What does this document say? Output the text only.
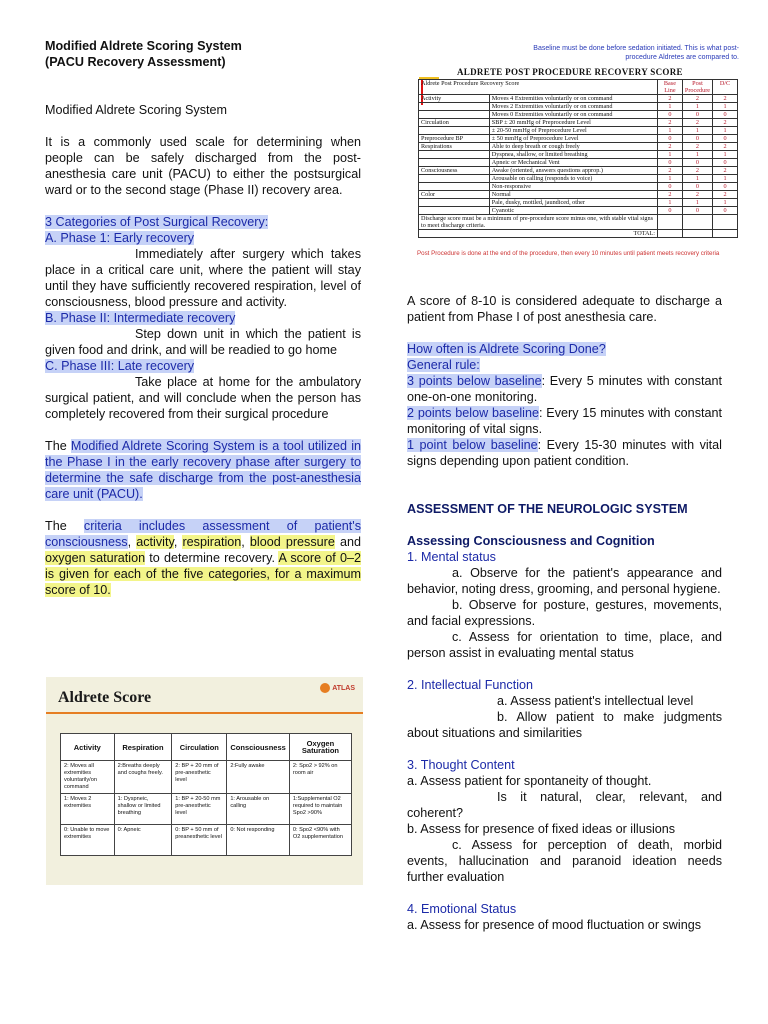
Modified Aldrete Scoring System

(PACU Recovery Assessment)

Modified Aldrete Scoring System

It is a commonly used scale for determining when people can be safely discharged from the post-anesthesia care unit (PACU) to either the postsurgical ward or to the second stage (Phase II) recovery area.

3 Categories of Post Surgical Recovery:

A. Phase 1: Early recovery

Immediately after surgery which takes place in a critical care unit, where the patient will stay until they have sufficiently recovered respiration, level of consciousness, blood pressure and activity.

B. Phase II: Intermediate recovery

Step down unit in which the patient is given food and drink, and will be readied to go home

C. Phase III: Late recovery

Take place at home for the ambulatory surgical patient, and will conclude when the person has completely recovered from their surgical procedure

The Modified Aldrete Scoring System is a tool utilized in the Phase I in the early recovery phase after surgery to determine the safe discharge from the post-anesthesia care unit (PACU).

The criteria includes assessment of patient's consciousness, activity, respiration, blood pressure and oxygen saturation to determine recovery. A score of 0–2 is given for each of the five categories, for a maximum score of 10.

Baseline must be done before sedation initiated. This is what post-procedure Aldretes are compared to.
ALDRETE POST PROCEDURE RECOVERY SCORE
Aldrete Post Procedure Recovery Score		Base Line	Post Procedure	D/C
Activity	Moves 4 Extremities voluntarily or on command	2	2	2
	Moves 2 Extremities voluntarily or on command	1	1	1
	Moves 0 Extremities voluntarily or on command	0	0	0
Circulation	SBP ± 20 mmHg of Preprocedure Level	2	2	2
	± 20-50 mmHg of Preprocedure Level	1	1	1
Preprocedure BP	± 50 mmHg of Preprocedure Level	0	0	0
Respirations	Able to deep breath or cough freely	2	2	2
	Dyspnea, shallow, or limited breathing	1	1	1
	Apneic or Mechanical Vent	0	0	0
Consciousness	Awake (oriented, answers questions approp.)	2	2	2
	Arousable on calling (responds to voice)	1	1	1
	Non-responsive	0	0	0
Color	Normal	2	2	2
	Pale, dusky, mottled, jaundiced, other	1	1	1
	Cyanotic	0	0	0
Discharge score must be a minimum of pre-procedure score minus one, with stable vital signs to meet discharge criteria.				
TOTAL:				
Post Procedure is done at the end of the procedure, then every 10 minutes until patient meets recovery criteria
Aldrete Score
ATLAS
Activity	Respiration	Circulation	Consciousness	Oxygen Saturation
2: Moves all extremities voluntarily/on command	2:Breaths deeply and coughs freely.	2: BP + 20 mm of pre-anesthetic level	2:Fully awake	2: Spo2 > 92% on room air
1: Moves 2 extremities	1: Dyspneic, shallow or limited breathing	1: BP + 20-50 mm pre-anesthetic level	1: Arousable on calling	1:Supplemental O2 required to maintain Spo2 >90%
0: Unable to move extremities	0: Apneic	0: BP + 50 mm of preanesthetic level	0: Not responding	0: Spo2 <90% with O2 supplementation

A score of 8-10 is considered adequate to discharge a patient from Phase I of post anesthesia care.

How often is Aldrete Scoring Done?

General rule:

3 points below baseline: Every 5 minutes with constant one-on-one monitoring.

2 points below baseline: Every 15 minutes with constant monitoring of vital signs.

1 point below baseline: Every 15-30 minutes with vital signs depending upon patient condition.

ASSESSMENT OF THE NEUROLOGIC SYSTEM

Assessing Consciousness and Cognition

1. Mental status

a. Observe for the patient's appearance and behavior, noting dress, grooming, and personal hygiene.

b. Observe for posture, gestures, movements, and facial expressions.

c. Assess for orientation to time, place, and person assist in evaluating mental status

2. Intellectual Function

a. Assess patient's intellectual level

b. Allow patient to make judgments about situations and similarities

3. Thought Content

a. Assess patient for spontaneity of thought.

Is it natural, clear, relevant, and coherent?

b. Assess for presence of fixed ideas or illusions

c. Assess for perception of death, morbid events, hallucination and paranoid ideation needs further evaluation

4. Emotional Status

a. Assess for presence of mood fluctuation or swings
